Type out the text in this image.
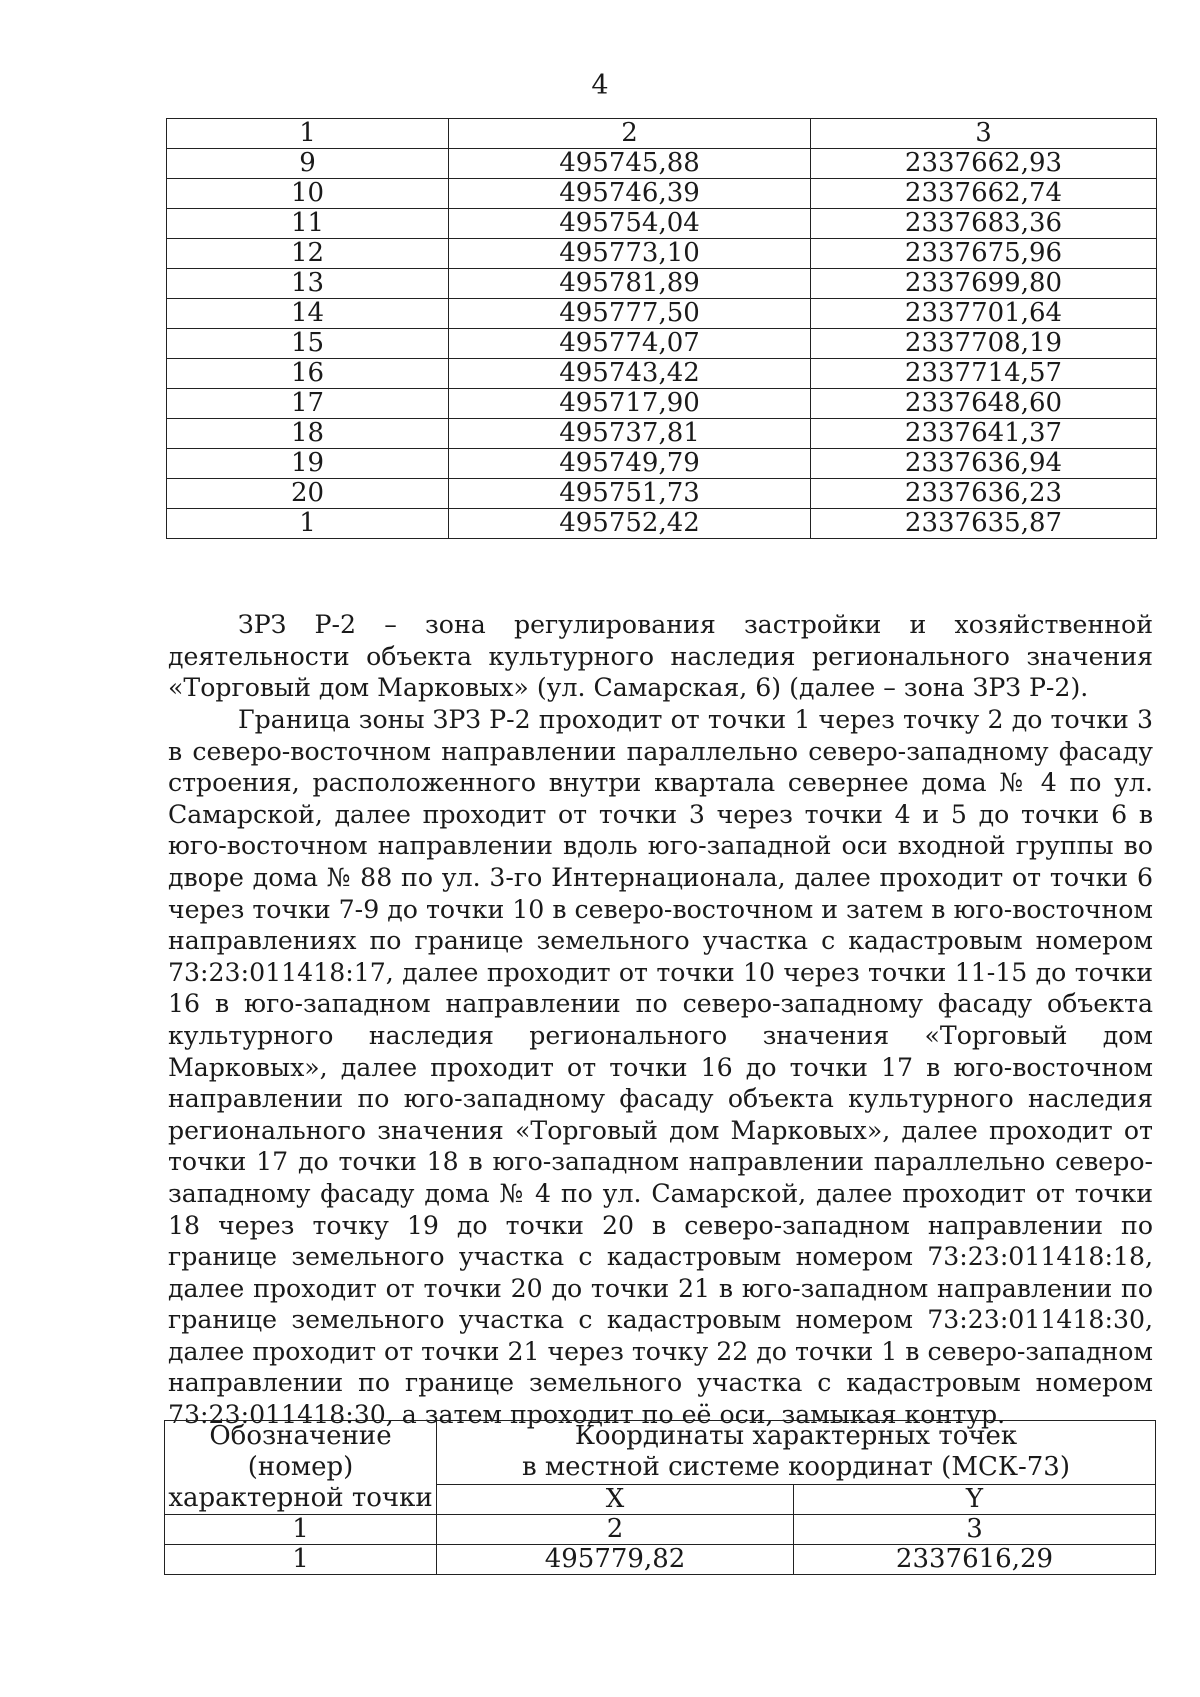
4
1	2	3
9	495745,88	2337662,93
10	495746,39	2337662,74
11	495754,04	2337683,36
12	495773,10	2337675,96
13	495781,89	2337699,80
14	495777,50	2337701,64
15	495774,07	2337708,19
16	495743,42	2337714,57
17	495717,90	2337648,60
18	495737,81	2337641,37
19	495749,79	2337636,94
20	495751,73	2337636,23
1	495752,42	2337635,87

ЗРЗ Р-2 – зона регулирования застройки и хозяйственной деятельности объекта культурного наследия регионального значения «Торговый дом Марковых» (ул. Самарская, 6) (далее – зона ЗРЗ Р-2).

Граница зоны ЗРЗ Р-2 проходит от точки 1 через точку 2 до точки 3 в северо-восточном направлении параллельно северо-западному фасаду строения, расположенного внутри квартала севернее дома № 4 по ул. Самарской, далее проходит от точки 3 через точки 4 и 5 до точки 6 в юго-восточном направлении вдоль юго-западной оси входной группы во дворе дома № 88 по ул. 3-го Интернационала, далее проходит от точки 6 через точки 7-9 до точки 10 в северо-восточном и затем в юго-восточном направлениях по границе земельного участка с кадастровым номером 73:23:011418:17, далее проходит от точки 10 через точки 11-15 до точки 16 в юго-западном направлении по северо-западному фасаду объекта культурного наследия регионального значения «Торговый дом Марковых», далее проходит от точки 16 до точки 17 в юго-восточном направлении по юго-западному фасаду объекта культурного наследия регионального значения «Торговый дом Марковых», далее проходит от точки 17 до точки 18 в юго-западном направлении параллельно северо-западному фасаду дома № 4 по ул. Самарской, далее проходит от точки 18 через точку 19 до точки 20 в северо-западном направлении по границе земельного участка с кадастровым номером 73:23:011418:18, далее проходит от точки 20 до точки 21 в юго-западном направлении по границе земельного участка с кадастровым номером 73:23:011418:30, далее проходит от точки 21 через точку 22 до точки 1 в северо-западном направлении по границе земельного участка с кадастровым номером 73:23:011418:30, а затем проходит по её оси, замыкая контур.

Обозначение (номер) характерной точки	Координаты характерных точек
в местной системе координат (МСК-73)	

	X	Y
1	2	3
1	495779,82	2337616,29
